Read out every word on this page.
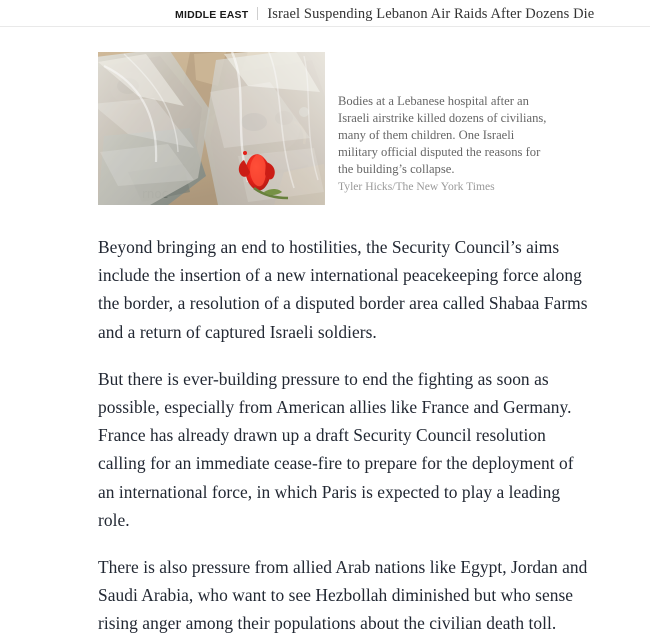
MIDDLE EAST Israel Suspending Lebanon Air Raids After Dozens Die

Bodies at a Lebanese hospital after an Israeli airstrike killed dozens of civilians, many of them children. One Israeli military official disputed the reasons for the building’s collapse.

Tyler Hicks/The New York Times

Beyond bringing an end to hostilities, the Security Council’s aims include the insertion of a new international peacekeeping force along the border, a resolution of a disputed border area called Shabaa Farms and a return of captured Israeli soldiers.

But there is ever-building pressure to end the fighting as soon as possible, especially from American allies like France and Germany. France has already drawn up a draft Security Council resolution calling for an immediate cease-fire to prepare for the deployment of an international force, in which Paris is expected to play a leading role.

There is also pressure from allied Arab nations like Egypt, Jordan and Saudi Arabia, who want to see Hezbollah diminished but who sense rising anger among their populations about the civilian death toll.
